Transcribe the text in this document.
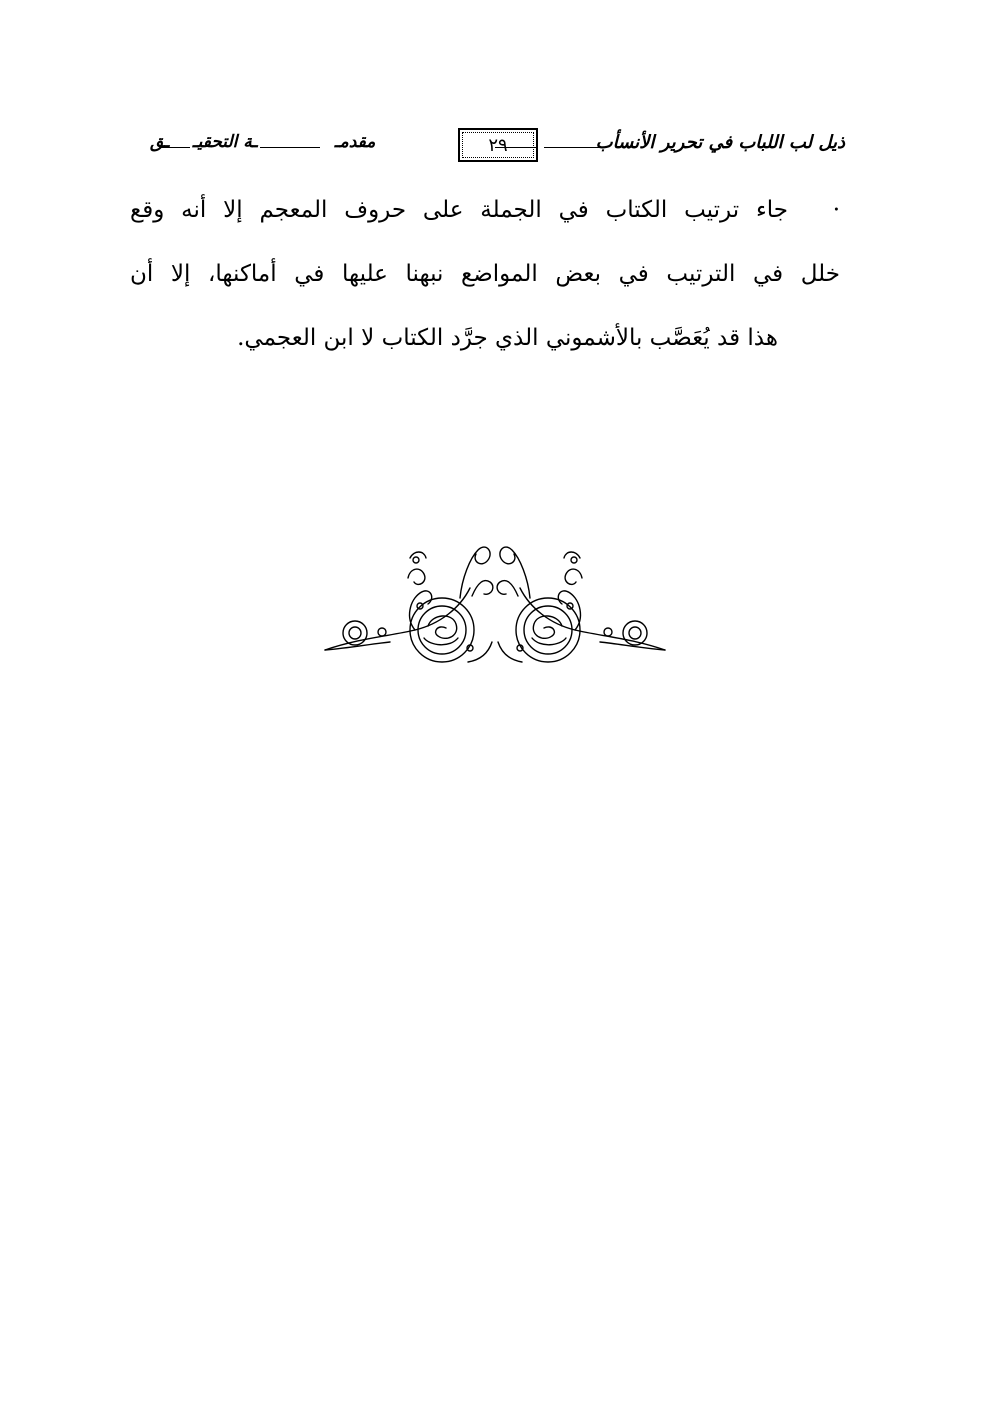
ذيل لب اللباب في تحرير الأنسأب
٢٩
مقدمـ
ـة التحقيـ
ـق
·جاء ترتيب الكتاب في الجملة على حروف المعجم إلا أنه وقع
خلل في الترتيب في بعض المواضع نبهنا عليها في أماكنها، إلا أن
هذا قد يُعَصَّب بالأشموني الذي جرَّد الكتاب لا ابن العجمي.
